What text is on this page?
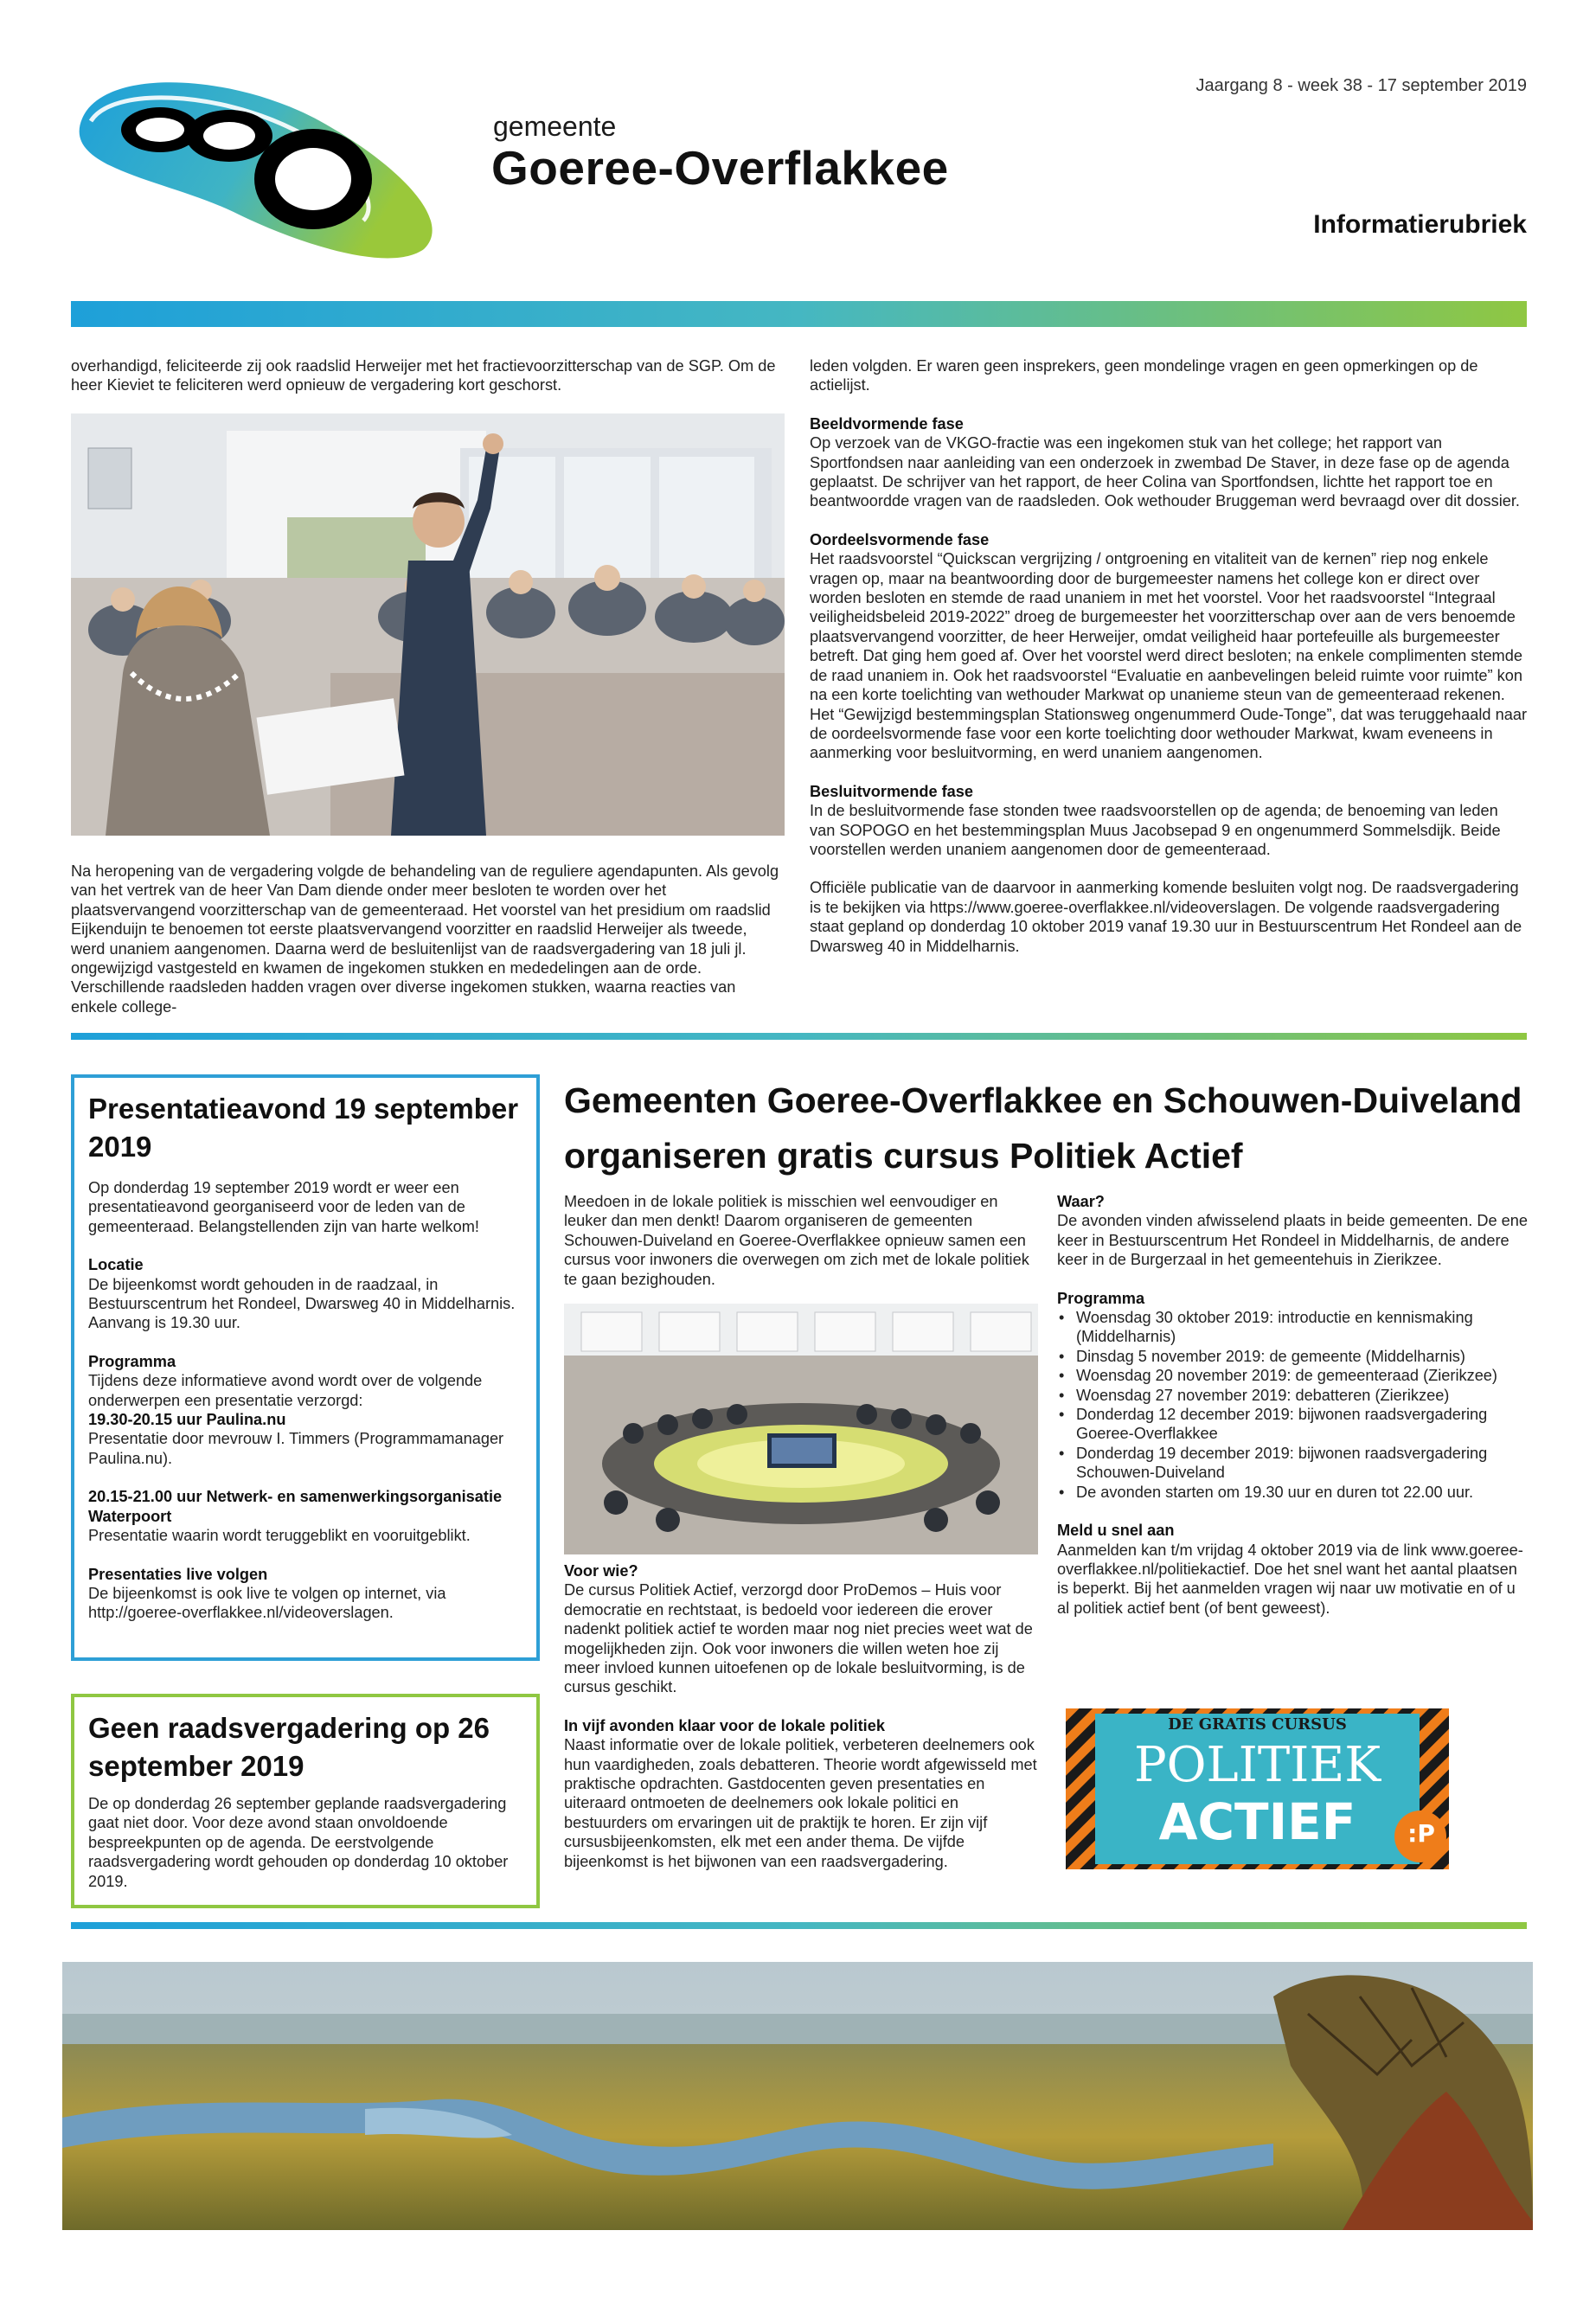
gemeente
Goeree-Overflakkee
Jaargang 8 - week 38 - 17 september 2019
Informatierubriek
overhandigd, feliciteerde zij ook raadslid Herweijer met het fractievoorzitterschap van de SGP. Om de heer Kieviet te feliciteren werd opnieuw de vergadering kort geschorst.
Na heropening van de vergadering volgde de behandeling van de reguliere agendapunten. Als gevolg van het vertrek van de heer Van Dam diende onder meer besloten te worden over het plaatsvervangend voorzitterschap van de gemeenteraad. Het voorstel van het presidium om raadslid Eijkenduijn te benoemen tot eerste plaatsvervangend voorzitter en raadslid Herweijer als tweede, werd unaniem aangenomen. Daarna werd de besluitenlijst van de raadsvergadering van 18 juli jl. ongewijzigd vastgesteld en kwamen de ingekomen stukken en mededelingen aan de orde. Verschillende raadsleden hadden vragen over diverse ingekomen stukken, waarna reacties van enkele college-
leden volgden. Er waren geen insprekers, geen mondelinge vragen en geen opmerkingen op de actielijst.
Beeldvormende fase
Op verzoek van de VKGO-fractie was een ingekomen stuk van het college; het rapport van Sportfondsen naar aanleiding van een onderzoek in zwembad De Staver, in deze fase op de agenda geplaatst. De schrijver van het rapport, de heer Colina van Sportfondsen, lichtte het rapport toe en beantwoordde vragen van de raadsleden. Ook wethouder Bruggeman werd bevraagd over dit dossier.
Oordeelsvormende fase
Het raadsvoorstel “Quickscan vergrijzing / ontgroening en vitaliteit van de kernen” riep nog enkele vragen op, maar na beantwoording door de burgemeester namens het college kon er direct over worden besloten en stemde de raad unaniem in met het voorstel. Voor het raadsvoorstel “Integraal veiligheidsbeleid 2019-2022” droeg de burgemeester het voorzitterschap over aan de vers benoemde plaatsvervangend voorzitter, de heer Herweijer, omdat veiligheid haar portefeuille als burgemeester betreft. Dat ging hem goed af. Over het voorstel werd direct besloten; na enkele complimenten stemde de raad unaniem in. Ook het raadsvoorstel “Evaluatie en aanbevelingen beleid ruimte voor ruimte” kon na een korte toelichting van wethouder Markwat op unanieme steun van de gemeenteraad rekenen. Het “Gewijzigd bestemmingsplan Stationsweg ongenummerd Oude-Tonge”, dat was teruggehaald naar de oordeelsvormende fase voor een korte toelichting door wethouder Markwat, kwam eveneens in aanmerking voor besluitvorming, en werd unaniem aangenomen.
Besluitvormende fase
In de besluitvormende fase stonden twee raadsvoorstellen op de agenda; de benoeming van leden van SOPOGO en het bestemmingsplan Muus Jacobsepad 9 en ongenummerd Sommelsdijk. Beide voorstellen werden unaniem aangenomen door de gemeenteraad.
Officiële publicatie van de daarvoor in aanmerking komende besluiten volgt nog. De raadsvergadering is te bekijken via https://www.goeree-overflakkee.nl/videoverslagen. De volgende raadsvergadering staat gepland op donderdag 10 oktober 2019 vanaf 19.30 uur in Bestuurscentrum Het Rondeel aan de Dwarsweg 40 in Middelharnis.
Presentatieavond 19 september 2019
Op donderdag 19 september 2019 wordt er weer een presentatieavond georganiseerd voor de leden van de gemeenteraad. Belangstellenden zijn van harte welkom!
Locatie
De bijeenkomst wordt gehouden in de raadzaal, in Bestuurscentrum het Rondeel, Dwarsweg 40 in Middelharnis. Aanvang is 19.30 uur.
Programma
Tijdens deze informatieve avond wordt over de volgende onderwerpen een presentatie verzorgd:
19.30-20.15 uur Paulina.nu
Presentatie door mevrouw I. Timmers (Programmamanager Paulina.nu).
20.15-21.00 uur Netwerk- en samenwerkingsorganisatie Waterpoort
Presentatie waarin wordt teruggeblikt en vooruitgeblikt.
Presentaties live volgen
De bijeenkomst is ook live te volgen op internet, via http://goeree-overflakkee.nl/videoverslagen.
Geen raadsvergadering op 26 september 2019
De op donderdag 26 september geplande raadsvergadering gaat niet door. Voor deze avond staan onvoldoende bespreekpunten op de agenda. De eerstvolgende raadsvergadering wordt gehouden op donderdag 10 oktober 2019.
Gemeenten Goeree-Overflakkee en Schouwen-Duiveland organiseren gratis cursus Politiek Actief
Meedoen in de lokale politiek is misschien wel eenvoudiger en leuker dan men denkt! Daarom organiseren de gemeenten Schouwen-Duiveland en Goeree-Overflakkee opnieuw samen een cursus voor inwoners die overwegen om zich met de lokale politiek te gaan bezighouden.
Voor wie?
De cursus Politiek Actief, verzorgd door ProDemos – Huis voor democratie en rechtstaat, is bedoeld voor iedereen die erover nadenkt politiek actief te worden maar nog niet precies weet wat de mogelijkheden zijn. Ook voor inwoners die willen weten hoe zij meer invloed kunnen uitoefenen op de lokale besluitvorming, is de cursus geschikt.
In vijf avonden klaar voor de lokale politiek
Naast informatie over de lokale politiek, verbeteren deelnemers ook hun vaardigheden, zoals debatteren. Theorie wordt afgewisseld met praktische opdrachten. Gastdocenten geven presentaties en uiteraard ontmoeten de deelnemers ook lokale politici en bestuurders om ervaringen uit de praktijk te horen. Er zijn vijf cursusbijeenkomsten, elk met een ander thema. De vijfde bijeenkomst is het bijwonen van een raadsvergadering.
Waar?
De avonden vinden afwisselend plaats in beide gemeenten. De ene keer in Bestuurscentrum Het Rondeel in Middelharnis, de andere keer in de Burgerzaal in het gemeentehuis in Zierikzee.
Programma
• Woensdag 30 oktober 2019: introductie en kennismaking (Middelharnis)
• Dinsdag 5 november 2019: de gemeente (Middelharnis)
• Woensdag 20 november 2019: de gemeenteraad (Zierikzee)
• Woensdag 27 november 2019: debatteren (Zierikzee)
• Donderdag 12 december 2019: bijwonen raadsvergadering Goeree-Overflakkee
• Donderdag 19 december 2019: bijwonen raadsvergadering Schouwen-Duiveland
• De avonden starten om 19.30 uur en duren tot 22.00 uur.
Meld u snel aan
Aanmelden kan t/m vrijdag 4 oktober 2019 via de link www.goeree-overflakkee.nl/politiekactief. Doe het snel want het aantal plaatsen is beperkt. Bij het aanmelden vragen wij naar uw motivatie en of u al politiek actief bent (of bent geweest).
DE GRATIS CURSUS
POLITIEK
ACTIEF	:P
